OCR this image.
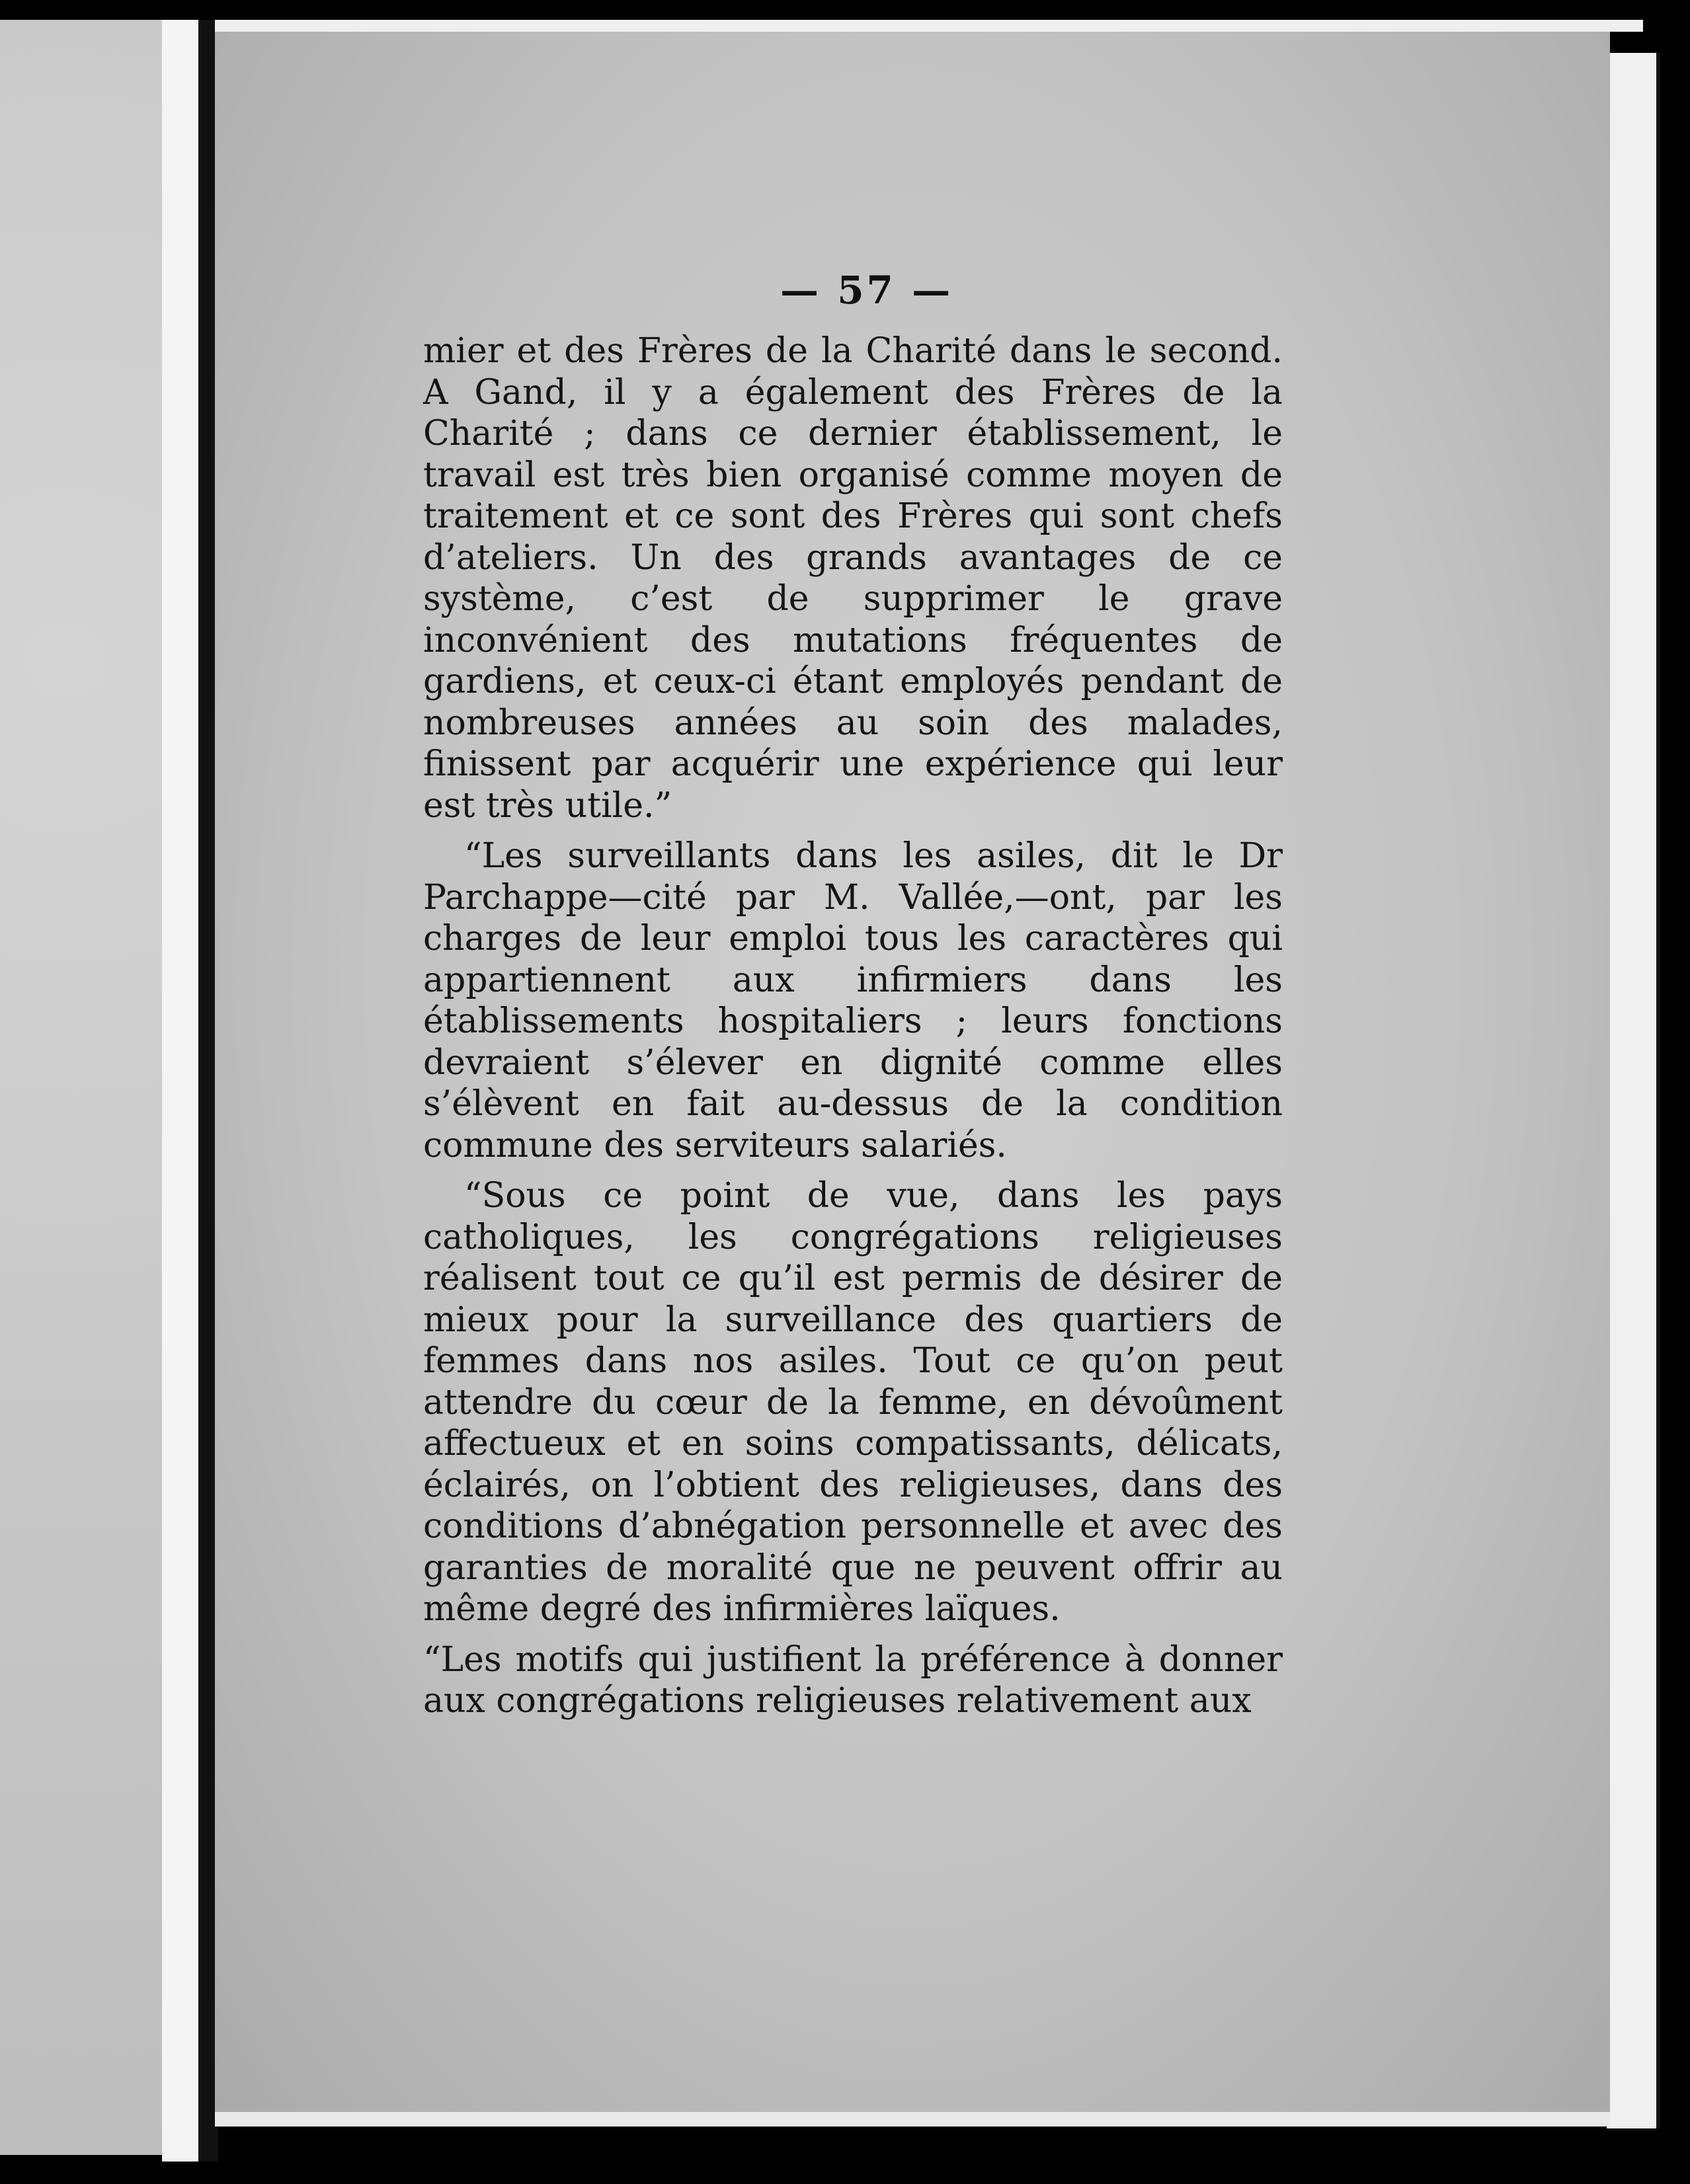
— 57 —

mier et des Frères de la Charité dans le second. A Gand, il y a également des Frères de la Charité ; dans ce dernier établissement, le travail est très bien organisé comme moyen de traitement et ce sont des Frères qui sont chefs d’ateliers. Un des grands avantages de ce système, c’est de supprimer le grave inconvénient des mutations fréquentes de gardiens, et ceux-ci étant employés pendant de nombreuses années au soin des malades, finissent par acquérir une expérience qui leur est très utile.”

“Les surveillants dans les asiles, dit le Dr Parchappe—cité par M. Vallée,—ont, par les charges de leur emploi tous les caractères qui appartiennent aux infirmiers dans les établissements hospitaliers ; leurs fonctions devraient s’élever en dignité comme elles s’élèvent en fait au-dessus de la condition commune des serviteurs salariés.

“Sous ce point de vue, dans les pays catholiques, les congrégations religieuses réalisent tout ce qu’il est permis de désirer de mieux pour la surveillance des quartiers de femmes dans nos asiles. Tout ce qu’on peut attendre du cœur de la femme, en dévoûment affectueux et en soins compatissants, délicats, éclairés, on l’obtient des religieuses, dans des conditions d’abnégation personnelle et avec des garanties de moralité que ne peuvent offrir au même degré des infirmières laïques.

“Les motifs qui justifient la préférence à donner aux congrégations religieuses relativement aux
